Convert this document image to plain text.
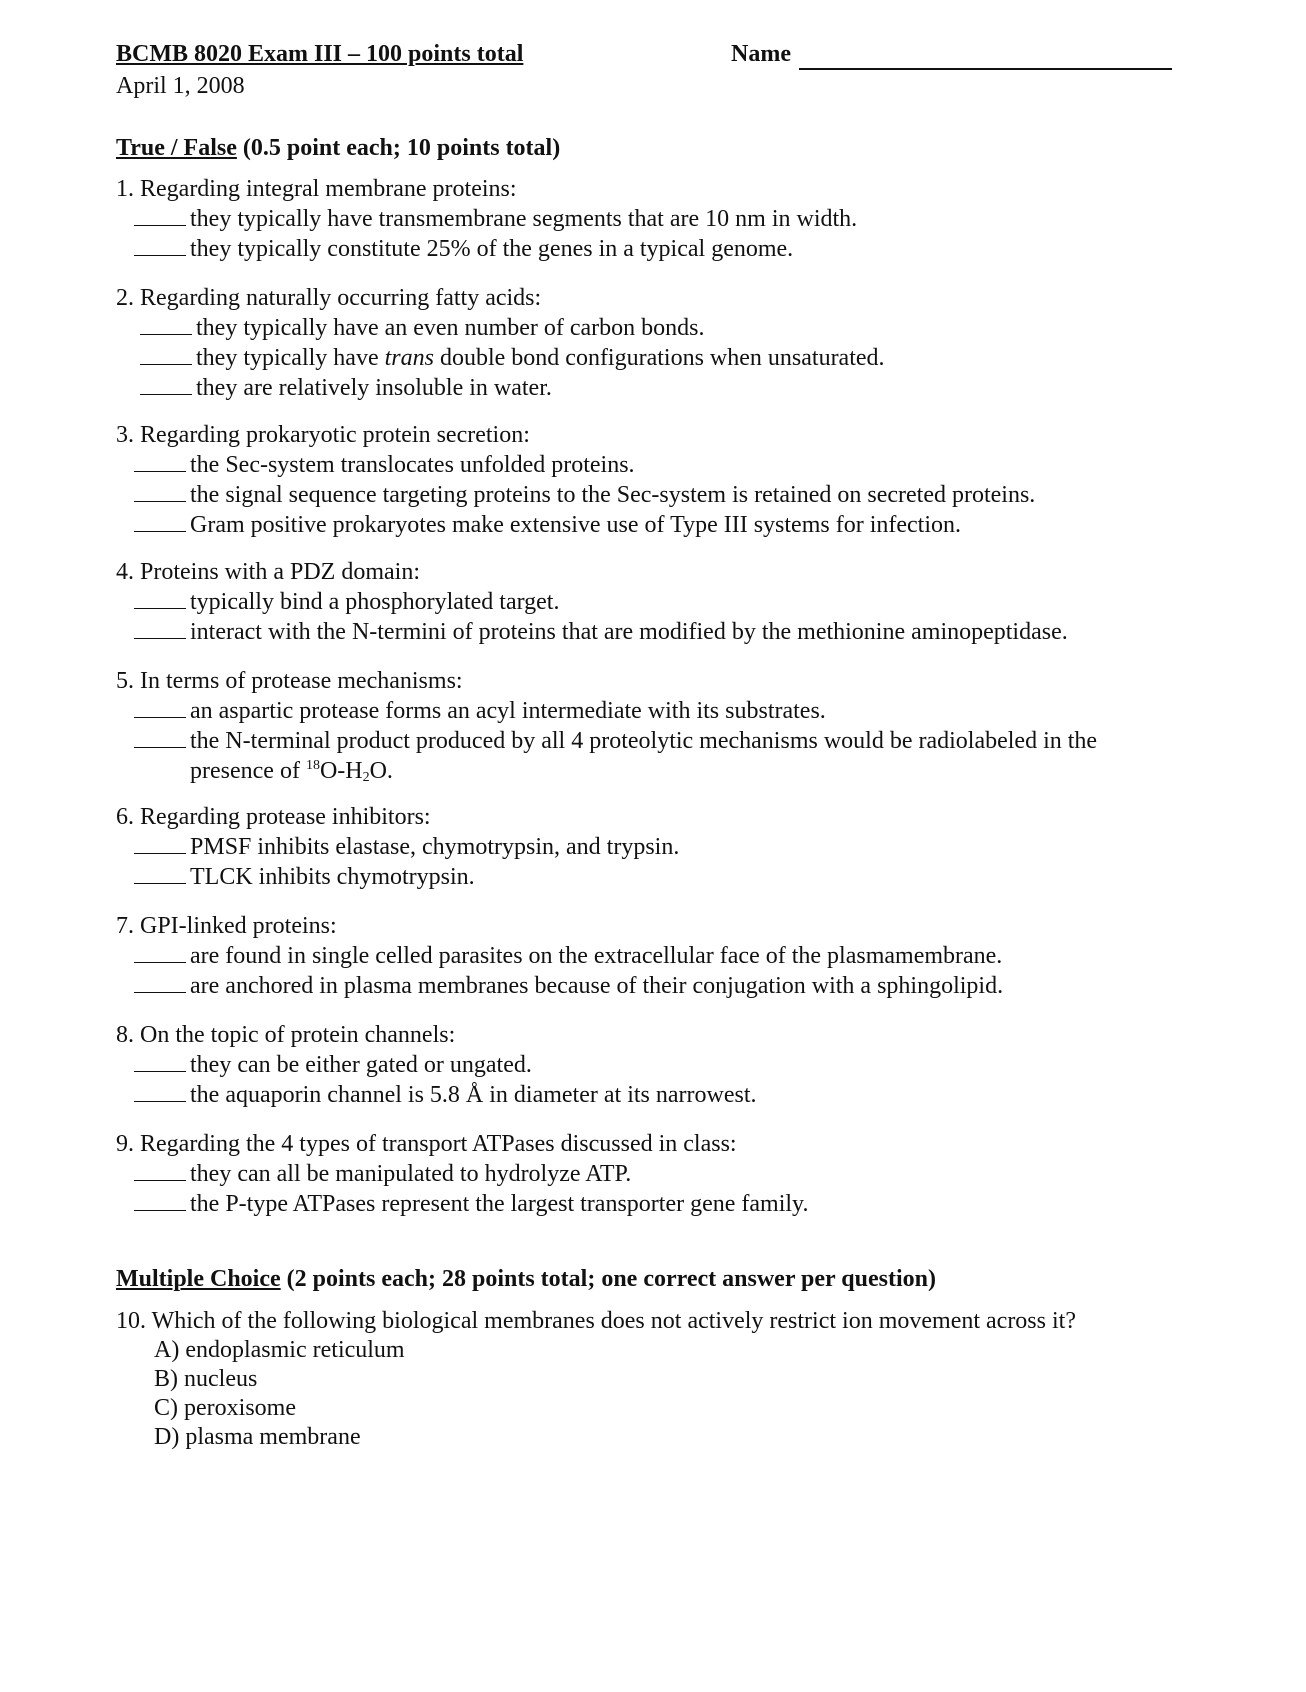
BCMB 8020 Exam III – 100 points total
April 1, 2008
Name
True / False (0.5 point each; 10 points total)
1. Regarding integral membrane proteins:
they typically have transmembrane segments that are 10 nm in width.
they typically constitute 25% of the genes in a typical genome.
2. Regarding naturally occurring fatty acids:
they typically have an even number of carbon bonds.
they typically have trans double bond configurations when unsaturated.
they are relatively insoluble in water.
3. Regarding prokaryotic protein secretion:
the Sec-system translocates unfolded proteins.
the signal sequence targeting proteins to the Sec-system is retained on secreted proteins.
Gram positive prokaryotes make extensive use of Type III systems for infection.
4. Proteins with a PDZ domain:
typically bind a phosphorylated target.
interact with the N-termini of proteins that are modified by the methionine aminopeptidase.
5. In terms of protease mechanisms:
an aspartic protease forms an acyl intermediate with its substrates.
the N-terminal product produced by all 4 proteolytic mechanisms would be radiolabeled in the
presence of $^{18}O-H_2O$.
6. Regarding protease inhibitors:
PMSF inhibits elastase, chymotrypsin, and trypsin.
TLCK inhibits chymotrypsin.
7. GPI-linked proteins:
are found in single celled parasites on the extracellular face of the plasmamembrane.
are anchored in plasma membranes because of their conjugation with a sphingolipid.
8. On the topic of protein channels:
they can be either gated or ungated.
the aquaporin channel is 5.8 Å in diameter at its narrowest.
9. Regarding the 4 types of transport ATPases discussed in class:
they can all be manipulated to hydrolyze ATP.
the P-type ATPases represent the largest transporter gene family.
Multiple Choice (2 points each; 28 points total; one correct answer per question)
10. Which of the following biological membranes does not actively restrict ion movement across it?
A) endoplasmic reticulum
B) nucleus
C) peroxisome
D) plasma membrane
